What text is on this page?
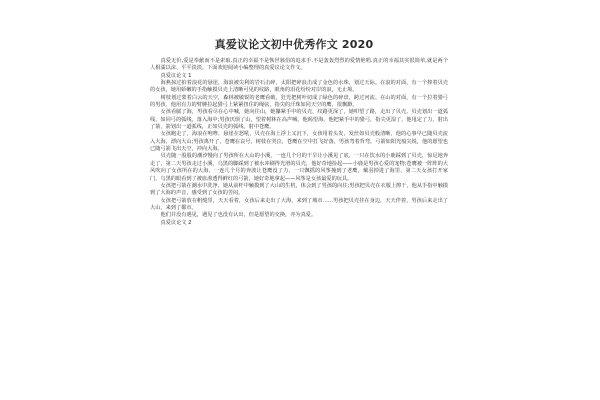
真爱议论文初中优秀作文 2020

真爱无价,爱是奉献而不是索取.真正的幸福不是恢世骇俗的追求手.不是轰轰烈烈的爱情艳唱.真正的幸福其实很简单,就是两个人相濡以沫、平平淡淡。下面欢迎阅读小编整理的真爱议论文作文。

真爱议论文 1

海燕掠过拍着浪花的悬崖，海浪被尖利的岩石击碎，太阳把碎浪击成了金色的水珠，划过天际。在浪的对面，有一个捧着贝壳的女孩，她用娇嫩的手指触摸贝壳上清晰可见的纹路，眼角的泪花纷纷对岸的浪，无止境。

树枝划过蒙着白云的天空，森林被敏锐的老鹰看破，狂光把树叶切成了绿色的碎盘，跨过河流。在山的对面，有一个拉着猎弓的男孩，他用有力的臂膊拉起猎弓上紧紧扭住的绳弦，指尖的汗珠如同天空的鹰，很飘渺。

女孩看腻了海，男孩看尽在心中喊，她向往山，她攥紧手中的贝壳，纹路更深了，她叩望了路，走出了贝壳。贝壳划出一道弧线，如同弓的弧线，落入海中;男孩厌烦了山，望着树林在高声喊，他渴望海，他把紧手中的猎弓，指尖更湿了，他甩定了力，射出了箭，箭划出一道弧线，正如贝壳的弧线，射中苍鹰。

女孩跑走了，海浪在咆哮，悬崖在怒吼，贝壳在海上浮上又沉下，女孩用着头发，发丝如贝壳般清晰，他的心事早已随贝壳流入大海，漂向大山;男孩离开了，苍鹰在哀号，树枝在哭泣，苍鹰在空中打飞好落，男孩弯着背弯，弓箭如阳光般尖锐，他的愿望也已随弓箭飞出天空，冲向大海。

贝壳随一股股的潮汐慢向了男孩所在大山的小溪，一连几个月的干旱让小溪见了底，一只在饮水的小鹿踩到了贝壳，惊足地奔走了，第二天男孩走过小溪，乌黑的脚踩到了被水冲刷得光滑的贝壳，他好奇地捡起——小鹿是男孩心爱的宠物;苍鹰被一阵阵的大风吹向了女孩所在的大海，一连几个月的奔波让苍鹰没了力，一只飘摇的风筝撞到了老鹰，戴羽掉进了海里，第二天女孩打开家门，乌黑的眼看到了被血渗透得鲜红的弓箭，她好奇地拿起——风筝是女孩最爱的玩具。

女孩把弓箭在潮水中洗净，她从前杆中触摸到了大山的生机，体会到了男孩的向往;男孩把贝壳在衣服上擦干，他从手指中触摸到了大海的声音，感受到了女孩的苦闷。

女孩把弓箭放在帆缝里，天天看着，女孩后来走出了大海，来到了城市……男孩把贝壳挂在身边，天天伴着，男孩后来走出了大山，来到了都市。

他们并没有遇见，遇见了也没有认出，但是愿望的交换，亦为真爱。

真爱议论文 2
